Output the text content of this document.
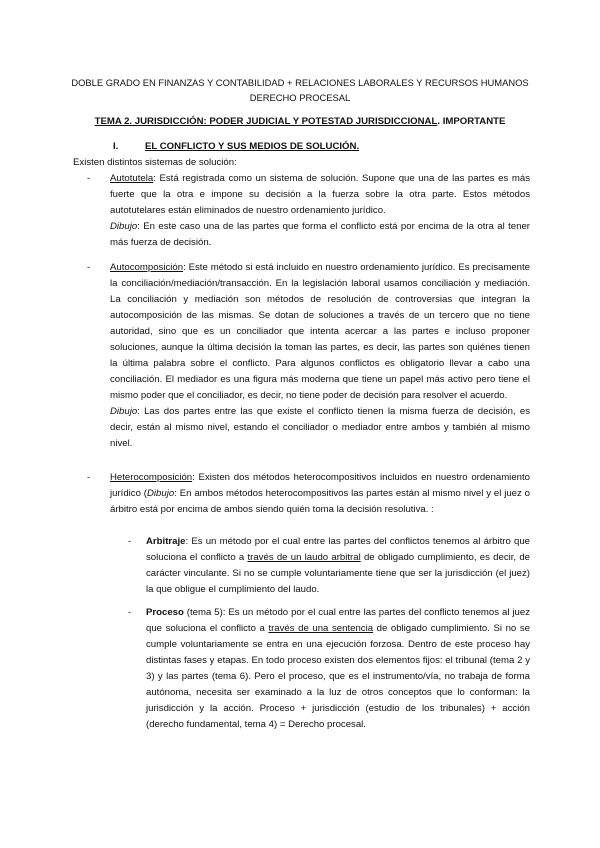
DOBLE GRADO EN FINANZAS Y CONTABILIDAD + RELACIONES LABORALES Y RECURSOS HUMANOS
DERECHO PROCESAL
TEMA 2. JURISDICCIÓN: PODER JUDICIAL Y POTESTAD JURISDICCIONAL. IMPORTANTE
I.	EL CONFLICTO Y SUS MEDIOS DE SOLUCIÓN.
Existen distintos sistemas de solución:
-	Autotutela: Está registrada como un sistema de solución. Supone que una de las partes es más fuerte que la otra e impone su decisión a la fuerza sobre la otra parte. Estos métodos autotutelares están eliminados de nuestro ordenamiento jurídico.

Dibujo: En este caso una de las partes que forma el conflicto está por encima de la otra al tener más fuerza de decisión.

-	Autocomposición: Este método si está incluido en nuestro ordenamiento jurídico. Es precisamente la conciliación/mediación/transacción. En la legislación laboral usamos conciliación y mediación. La conciliación y mediación son métodos de resolución de controversias que integran la autocomposición de las mismas. Se dotan de soluciones a través de un tercero que no tiene autoridad, sino que es un conciliador que intenta acercar a las partes e incluso proponer soluciones, aunque la última decisión la toman las partes, es decir, las partes son quiénes tienen la última palabra sobre el conflicto. Para algunos conflictos es obligatorio llevar a cabo una conciliación. El mediador es una figura más moderna que tiene un papel más activo pero tiene el mismo poder que el conciliador, es decir, no tiene poder de decisión para resolver el acuerdo.

Dibujo: Las dos partes entre las que existe el conflicto tienen la misma fuerza de decisión, es decir, están al mismo nivel, estando el conciliador o mediador entre ambos y también al mismo nivel.

-	Heterocomposición: Existen dos métodos heterocompositivos incluidos en nuestro ordenamiento jurídico (Dibujo: En ambos métodos heterocompositivos las partes están al mismo nivel y el juez o árbitro está por encima de ambos siendo quién toma la decisión resolutiva. :

-	Arbitraje: Es un método por el cual entre las partes del conflictos tenemos al árbitro que soluciona el conflicto a través de un laudo arbitral de obligado cumplimiento, es decir, de carácter vinculante. Si no se cumple voluntariamente tiene que ser la jurisdicción (el juez) la que obligue el cumplimiento del laudo.

-	Proceso (tema 5): Es un método por el cual entre las partes del conflicto tenemos al juez que soluciona el conflicto a través de una sentencia de obligado cumplimiento. Si no se cumple voluntariamente se entra en una ejecución forzosa. Dentro de este proceso hay distintas fases y etapas. En todo proceso existen dos elementos fijos: el tribunal (tema 2 y 3) y las partes (tema 6). Pero el proceso, que es el instrumento/vía, no trabaja de forma autónoma, necesita ser examinado a la luz de otros conceptos que lo conforman: la jurisdicción y la acción. Proceso + jurisdicción (estudio de los tribunales) + acción (derecho fundamental, tema 4) = Derecho procesal.
